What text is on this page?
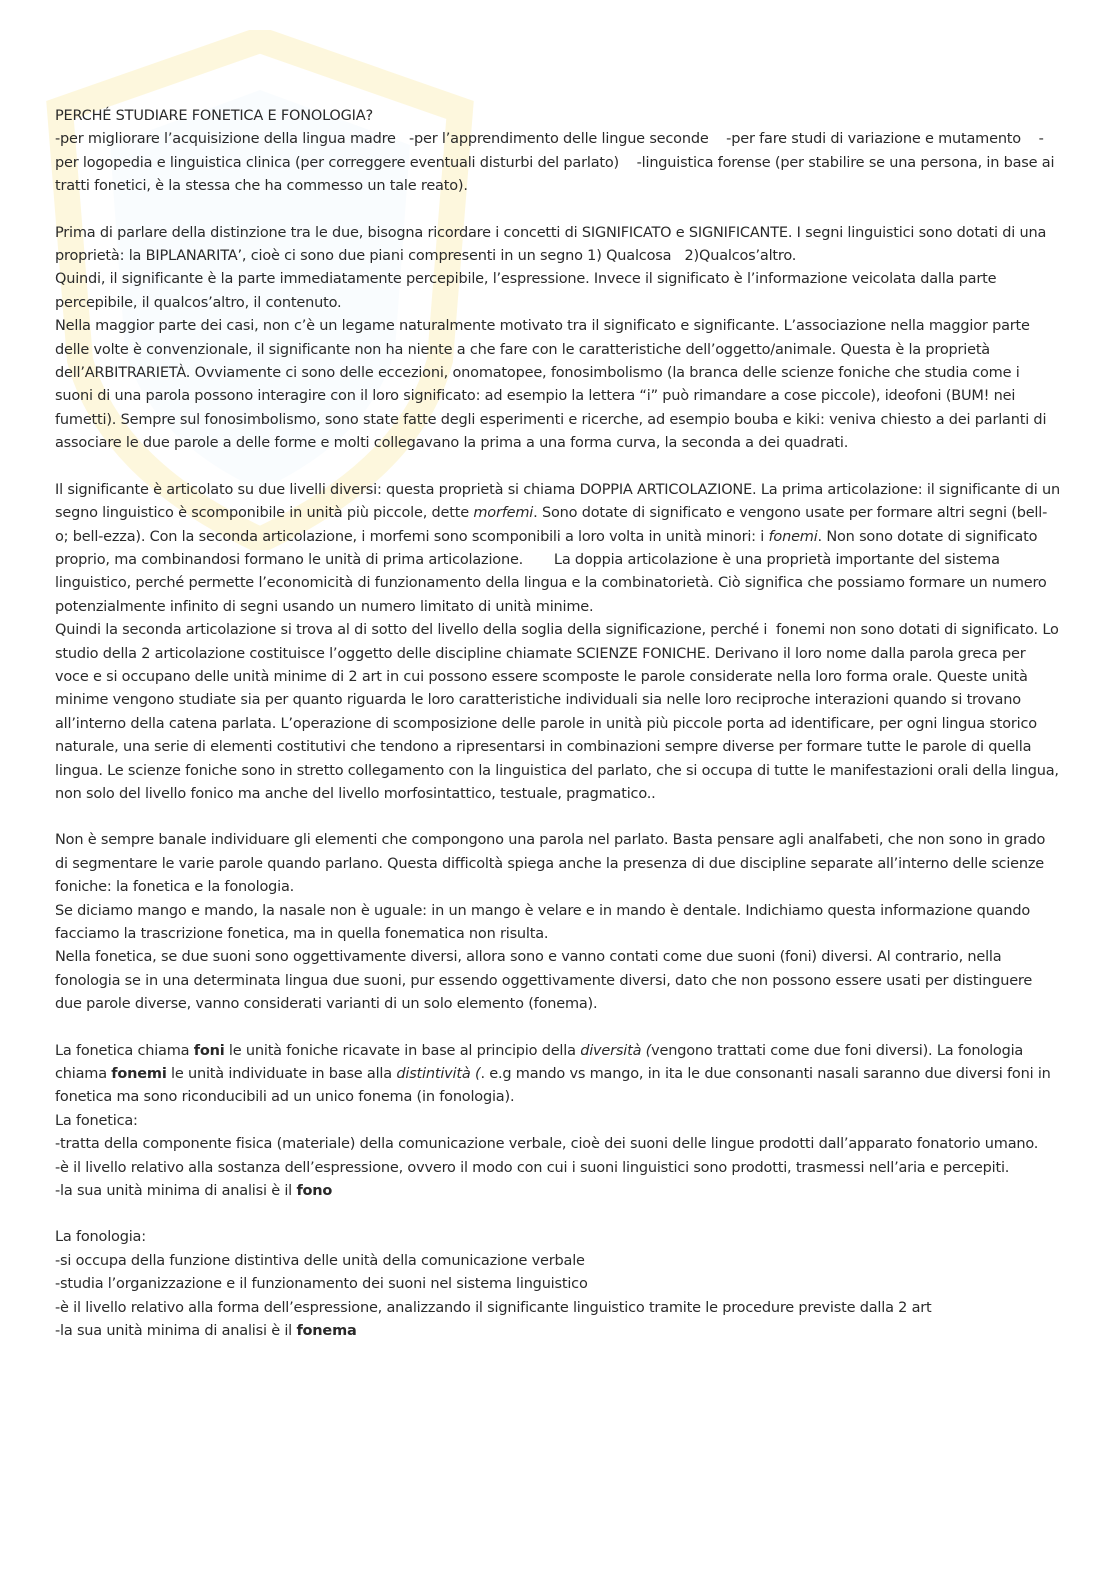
PERCHÉ STUDIARE FONETICA E FONOLOGIA?

-per migliorare l’acquisizione della lingua madre   -per l’apprendimento delle lingue seconde    -per fare studi di variazione e mutamento    -per logopedia e linguistica clinica (per correggere eventuali disturbi del parlato)    -linguistica forense (per stabilire se una persona, in base ai tratti fonetici, è la stessa che ha commesso un tale reato).

Prima di parlare della distinzione tra le due, bisogna ricordare i concetti di SIGNIFICATO e SIGNIFICANTE. I segni linguistici sono dotati di una proprietà: la BIPLANARITA’, cioè ci sono due piani compresenti in un segno 1) Qualcosa   2)Qualcos’altro.

Quindi, il significante è la parte immediatamente percepibile, l’espressione. Invece il significato è l’informazione veicolata dalla parte percepibile, il qualcos’altro, il contenuto.

Nella maggior parte dei casi, non c’è un legame naturalmente motivato tra il significato e significante. L’associazione nella maggior parte delle volte è convenzionale, il significante non ha niente a che fare con le caratteristiche dell’oggetto/animale. Questa è la proprietà dell’ARBITRARIETÀ. Ovviamente ci sono delle eccezioni, onomatopee, fonosimbolismo (la branca delle scienze foniche che studia come i suoni di una parola possono interagire con il loro significato: ad esempio la lettera “i” può rimandare a cose piccole), ideofoni (BUM! nei fumetti). Sempre sul fonosimbolismo, sono state fatte degli esperimenti e ricerche, ad esempio bouba e kiki: veniva chiesto a dei parlanti di associare le due parole a delle forme e molti collegavano la prima a una forma curva, la seconda a dei quadrati.

Il significante è articolato su due livelli diversi: questa proprietà si chiama DOPPIA ARTICOLAZIONE. La prima articolazione: il significante di un segno linguistico è scomponibile in unità più piccole, dette morfemi. Sono dotate di significato e vengono usate per formare altri segni (bell-o; bell-ezza). Con la seconda articolazione, i morfemi sono scomponibili a loro volta in unità minori: i fonemi. Non sono dotate di significato proprio, ma combinandosi formano le unità di prima articolazione.       La doppia articolazione è una proprietà importante del sistema linguistico, perché permette l’economicità di funzionamento della lingua e la combinatorietà. Ciò significa che possiamo formare un numero potenzialmente infinito di segni usando un numero limitato di unità minime.

Quindi la seconda articolazione si trova al di sotto del livello della soglia della significazione, perché i  fonemi non sono dotati di significato. Lo studio della 2 articolazione costituisce l’oggetto delle discipline chiamate SCIENZE FONICHE. Derivano il loro nome dalla parola greca per voce e si occupano delle unità minime di 2 art in cui possono essere scomposte le parole considerate nella loro forma orale. Queste unità minime vengono studiate sia per quanto riguarda le loro caratteristiche individuali sia nelle loro reciproche interazioni quando si trovano all’interno della catena parlata. L’operazione di scomposizione delle parole in unità più piccole porta ad identificare, per ogni lingua storico naturale, una serie di elementi costitutivi che tendono a ripresentarsi in combinazioni sempre diverse per formare tutte le parole di quella lingua. Le scienze foniche sono in stretto collegamento con la linguistica del parlato, che si occupa di tutte le manifestazioni orali della lingua, non solo del livello fonico ma anche del livello morfosintattico, testuale, pragmatico..

Non è sempre banale individuare gli elementi che compongono una parola nel parlato. Basta pensare agli analfabeti, che non sono in grado di segmentare le varie parole quando parlano. Questa difficoltà spiega anche la presenza di due discipline separate all’interno delle scienze foniche: la fonetica e la fonologia.

Se diciamo mango e mando, la nasale non è uguale: in un mango è velare e in mando è dentale. Indichiamo questa informazione quando facciamo la trascrizione fonetica, ma in quella fonematica non risulta.

Nella fonetica, se due suoni sono oggettivamente diversi, allora sono e vanno contati come due suoni (foni) diversi. Al contrario, nella fonologia se in una determinata lingua due suoni, pur essendo oggettivamente diversi, dato che non possono essere usati per distinguere due parole diverse, vanno considerati varianti di un solo elemento (fonema).

La fonetica chiama foni le unità foniche ricavate in base al principio della diversità (vengono trattati come due foni diversi). La fonologia chiama fonemi le unità individuate in base alla distintività (. e.g mando vs mango, in ita le due consonanti nasali saranno due diversi foni in fonetica ma sono riconducibili ad un unico fonema (in fonologia).

La fonetica:

-tratta della componente fisica (materiale) della comunicazione verbale, cioè dei suoni delle lingue prodotti dall’apparato fonatorio umano.

-è il livello relativo alla sostanza dell’espressione, ovvero il modo con cui i suoni linguistici sono prodotti, trasmessi nell’aria e percepiti.

-la sua unità minima di analisi è il fono

La fonologia:

-si occupa della funzione distintiva delle unità della comunicazione verbale

-studia l’organizzazione e il funzionamento dei suoni nel sistema linguistico

-è il livello relativo alla forma dell’espressione, analizzando il significante linguistico tramite le procedure previste dalla 2 art

-la sua unità minima di analisi è il fonema
